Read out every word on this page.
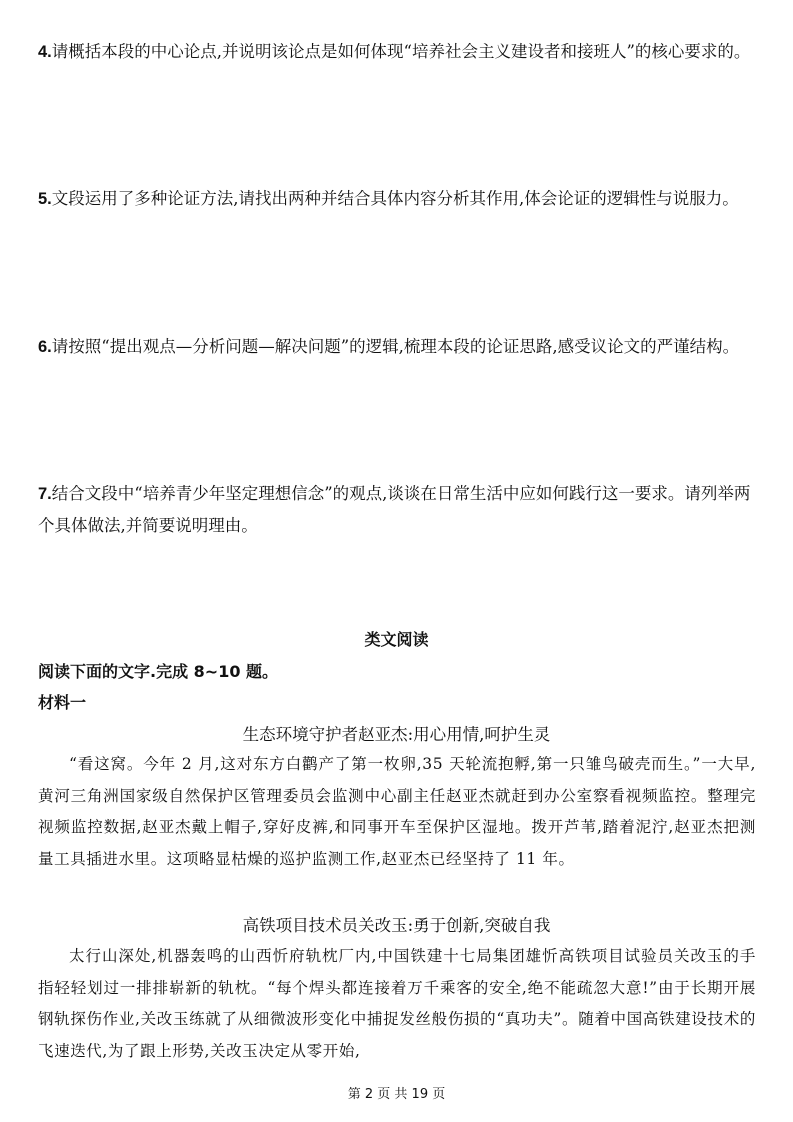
4.请概括本段的中心论点,并说明该论点是如何体现“培养社会主义建设者和接班人”的核心要求的。
5.文段运用了多种论证方法,请找出两种并结合具体内容分析其作用,体会论证的逻辑性与说服力。
6.请按照“提出观点—分析问题—解决问题”的逻辑,梳理本段的论证思路,感受议论文的严谨结构。
7.结合文段中“培养青少年坚定理想信念”的观点,谈谈在日常生活中应如何践行这一要求。请列举两个具体做法,并简要说明理由。
类文阅读
阅读下面的文字.完成 8~10 题。
材料一
生态环境守护者赵亚杰:用心用情,呵护生灵
“看这窝。今年 2 月,这对东方白鹳产了第一枚卵,35 天轮流抱孵,第一只雏鸟破壳而生。”一大早,黄河三角洲国家级自然保护区管理委员会监测中心副主任赵亚杰就赶到办公室察看视频监控。整理完视频监控数据,赵亚杰戴上帽子,穿好皮裤,和同事开车至保护区湿地。拨开芦苇,踏着泥泞,赵亚杰把测量工具插进水里。这项略显枯燥的巡护监测工作,赵亚杰已经坚持了 11 年。
高铁项目技术员关改玉:勇于创新,突破自我
太行山深处,机器轰鸣的山西忻府轨枕厂内,中国铁建十七局集团雄忻高铁项目试验员关改玉的手指轻轻划过一排排崭新的轨枕。“每个焊头都连接着万千乘客的安全,绝不能疏忽大意!”由于长期开展钢轨探伤作业,关改玉练就了从细微波形变化中捕捉发丝般伤损的“真功夫”。随着中国高铁建设技术的飞速迭代,为了跟上形势,关改玉决定从零开始,
第 2 页 共 19 页
